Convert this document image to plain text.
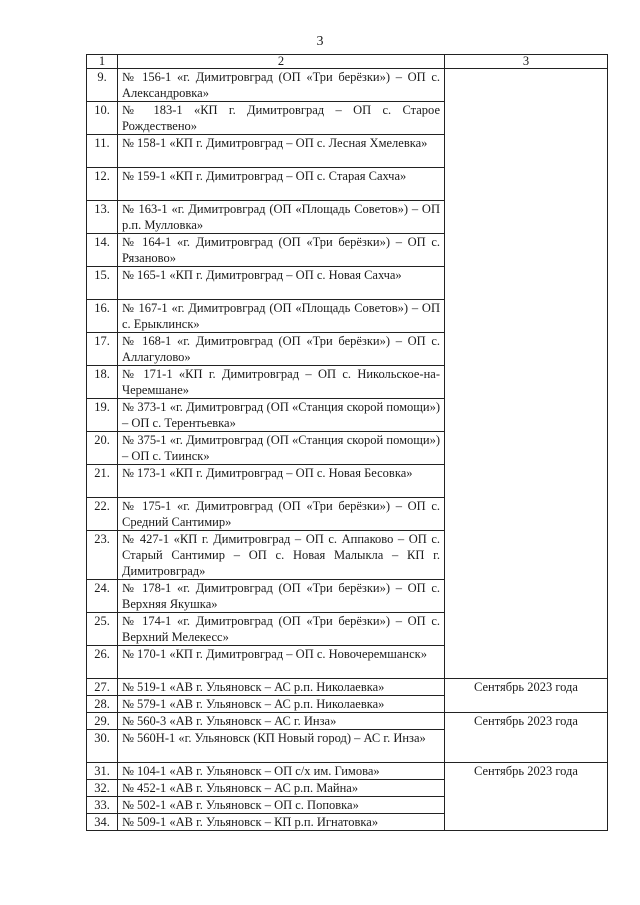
3
1	2	3
9.	№ 156-1 «г. Димитровград (ОП «Три берёзки») – ОП с. Александровка»	
10.	№ 183-1 «КП г. Димитровград – ОП с. Старое Рождествено»	
11.	№ 158-1 «КП г. Димитровград – ОП с. Лесная Хмелевка»	
12.	№ 159-1 «КП г. Димитровград – ОП с. Старая Сахча»	
13.	№ 163-1 «г. Димитровград (ОП «Площадь Советов») – ОП р.п. Мулловка»	
14.	№ 164-1 «г. Димитровград (ОП «Три берёзки») – ОП с. Рязаново»	
15.	№ 165-1 «КП г. Димитровград – ОП с. Новая Сахча»	
16.	№ 167-1 «г. Димитровград (ОП «Площадь Советов») – ОП с. Ерыклинск»	
17.	№ 168-1 «г. Димитровград (ОП «Три берёзки») – ОП с. Аллагулово»	
18.	№ 171-1 «КП г. Димитровград – ОП с. Никольское-на-Черемшане»	
19.	№ 373-1 «г. Димитровград (ОП «Станция скорой помощи») – ОП с. Терентьевка»	
20.	№ 375-1 «г. Димитровград (ОП «Станция скорой помощи») – ОП с. Тиинск»	
21.	№ 173-1 «КП г. Димитровград – ОП с. Новая Бесовка»	
22.	№ 175-1 «г. Димитровград (ОП «Три берёзки») – ОП с. Средний Сантимир»	
23.	№ 427-1 «КП г. Димитровград – ОП с. Аппаково – ОП с. Старый Сантимир – ОП с. Новая Малыкла – КП г. Димитровград»	
24.	№ 178-1 «г. Димитровград (ОП «Три берёзки») – ОП с. Верхняя Якушка»	
25.	№ 174-1 «г. Димитровград (ОП «Три берёзки») – ОП с. Верхний Мелекесс»	
26.	№ 170-1 «КП г. Димитровград – ОП с. Новочеремшанск»	
27.	№ 519-1 «АВ г. Ульяновск – АС р.п. Николаевка»	Сентябрь 2023 года
28.	№ 579-1 «АВ г. Ульяновск – АС р.п. Николаевка»	
29.	№ 560-3 «АВ г. Ульяновск – АС г. Инза»	Сентябрь 2023 года
30.	№ 560Н-1 «г. Ульяновск (КП Новый город) – АС г. Инза»	
31.	№ 104-1 «АВ г. Ульяновск – ОП с/х им. Гимова»	Сентябрь 2023 года
32.	№ 452-1 «АВ г. Ульяновск – АС р.п. Майна»	
33.	№ 502-1 «АВ г. Ульяновск – ОП с. Поповка»	
34.	№ 509-1 «АВ г. Ульяновск – КП р.п. Игнатовка»	
